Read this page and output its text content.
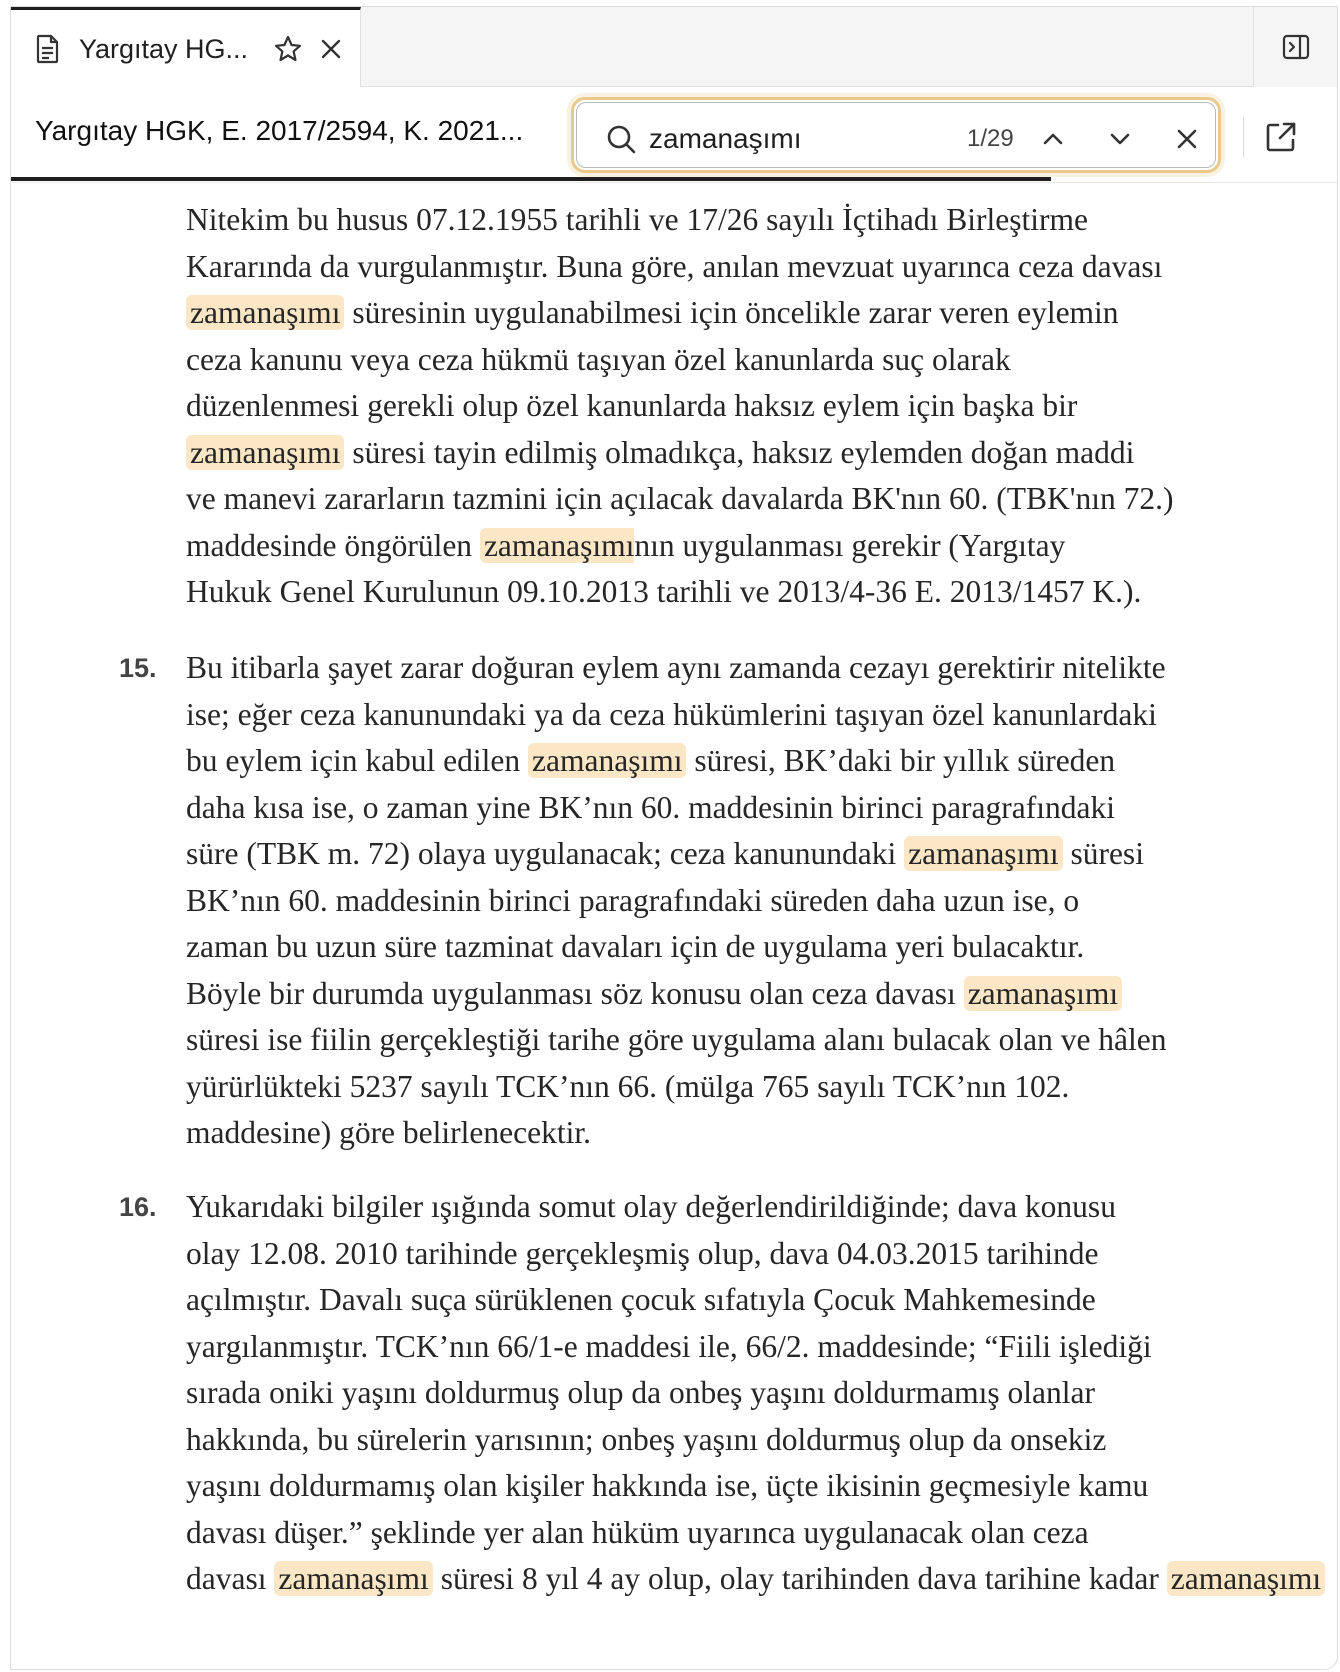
Yargıtay HG...
Yargıtay HGK, E. 2017/2594, K. 2021...
zamanaşımı	1/29
Nitekim bu husus 07.12.1955 tarihli ve 17/26 sayılı İçtihadı Birleştirme
Kararında da vurgulanmıştır. Buna göre, anılan mevzuat uyarınca ceza davası
zamanaşımı süresinin uygulanabilmesi için öncelikle zarar veren eylemin
ceza kanunu veya ceza hükmü taşıyan özel kanunlarda suç olarak
düzenlenmesi gerekli olup özel kanunlarda haksız eylem için başka bir
zamanaşımı süresi tayin edilmiş olmadıkça, haksız eylemden doğan maddi
ve manevi zararların tazmini için açılacak davalarda BK'nın 60. (TBK'nın 72.)
maddesinde öngörülen zamanaşımının uygulanması gerekir (Yargıtay
Hukuk Genel Kurulunun 09.10.2013 tarihli ve 2013/4-36 E. 2013/1457 K.).
15. Bu itibarla şayet zarar doğuran eylem aynı zamanda cezayı gerektirir nitelikte
ise; eğer ceza kanunundaki ya da ceza hükümlerini taşıyan özel kanunlardaki
bu eylem için kabul edilen zamanaşımı süresi, BK’daki bir yıllık süreden
daha kısa ise, o zaman yine BK’nın 60. maddesinin birinci paragrafındaki
süre (TBK m. 72) olaya uygulanacak; ceza kanunundaki zamanaşımı süresi
BK’nın 60. maddesinin birinci paragrafındaki süreden daha uzun ise, o
zaman bu uzun süre tazminat davaları için de uygulama yeri bulacaktır.
Böyle bir durumda uygulanması söz konusu olan ceza davası zamanaşımı
süresi ise fiilin gerçekleştiği tarihe göre uygulama alanı bulacak olan ve hâlen
yürürlükteki 5237 sayılı TCK’nın 66. (mülga 765 sayılı TCK’nın 102.
maddesine) göre belirlenecektir.
16. Yukarıdaki bilgiler ışığında somut olay değerlendirildiğinde; dava konusu
olay 12.08. 2010 tarihinde gerçekleşmiş olup, dava 04.03.2015 tarihinde
açılmıştır. Davalı suça sürüklenen çocuk sıfatıyla Çocuk Mahkemesinde
yargılanmıştır. TCK’nın 66/1-e maddesi ile, 66/2. maddesinde; “Fiili işlediği
sırada oniki yaşını doldurmuş olup da onbeş yaşını doldurmamış olanlar
hakkında, bu sürelerin yarısının; onbeş yaşını doldurmuş olup da onsekiz
yaşını doldurmamış olan kişiler hakkında ise, üçte ikisinin geçmesiyle kamu
davası düşer.” şeklinde yer alan hüküm uyarınca uygulanacak olan ceza
davası zamanaşımı süresi 8 yıl 4 ay olup, olay tarihinden dava tarihine kadar zamanaşımı
